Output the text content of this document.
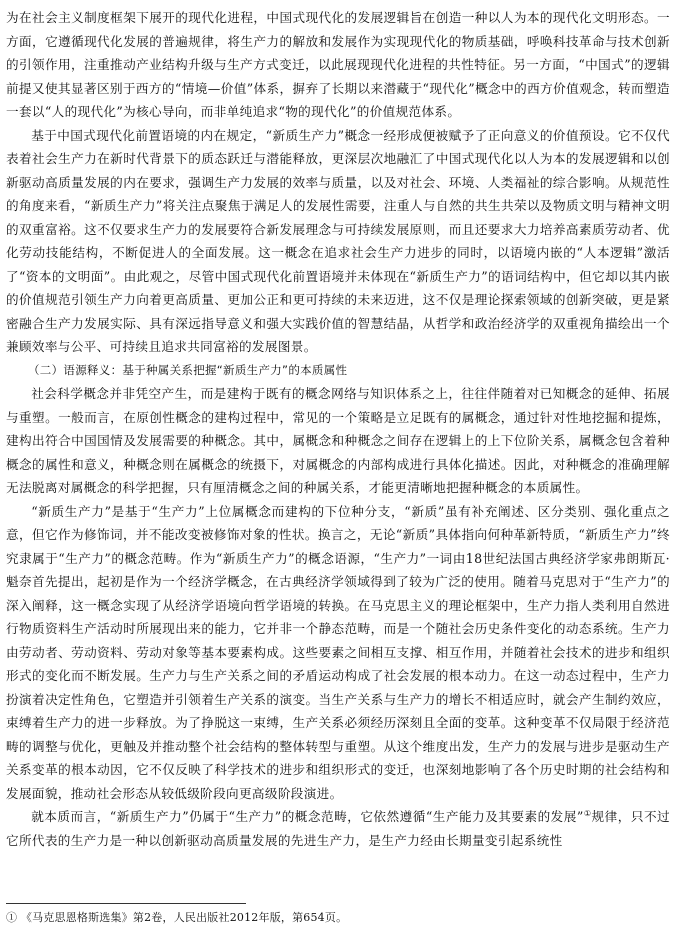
为在社会主义制度框架下展开的现代化进程，中国式现代化的发展逻辑旨在创造一种以人为本的现代化文明形态。一方面，它遵循现代化发展的普遍规律，将生产力的解放和发展作为实现现代化的物质基础，呼唤科技革命与技术创新的引领作用，注重推动产业结构升级与生产方式变迁，以此展现现代化进程的共性特征。另一方面，“中国式”的逻辑前提又使其显著区别于西方的“情境—价值”体系，摒弃了长期以来潜藏于“现代化”概念中的西方价值观念，转而塑造一套以“人的现代化”为核心导向，而非单纯追求“物的现代化”的价值规范体系。

基于中国式现代化前置语境的内在规定，“新质生产力”概念一经形成便被赋予了正向意义的价值预设。它不仅代表着社会生产力在新时代背景下的质态跃迁与潜能释放，更深层次地融汇了中国式现代化以人为本的发展逻辑和以创新驱动高质量发展的内在要求，强调生产力发展的效率与质量，以及对社会、环境、人类福祉的综合影响。从规范性的角度来看，“新质生产力”将关注点聚焦于满足人的发展性需要，注重人与自然的共生共荣以及物质文明与精神文明的双重富裕。这不仅要求生产力的发展要符合新发展理念与可持续发展原则，而且还要求大力培养高素质劳动者、优化劳动技能结构，不断促进人的全面发展。这一概念在追求社会生产力进步的同时，以语境内嵌的“人本逻辑”激活了“资本的文明面”。由此观之，尽管中国式现代化前置语境并未体现在“新质生产力”的语词结构中，但它却以其内嵌的价值规范引领生产力向着更高质量、更加公正和更可持续的未来迈进，这不仅是理论探索领域的创新突破，更是紧密融合生产力发展实际、具有深远指导意义和强大实践价值的智慧结晶，从哲学和政治经济学的双重视角描绘出一个兼顾效率与公平、可持续且追求共同富裕的发展图景。

（二）语源释义：基于种属关系把握“新质生产力”的本质属性

社会科学概念并非凭空产生，而是建构于既有的概念网络与知识体系之上，往往伴随着对已知概念的延伸、拓展与重塑。一般而言，在原创性概念的建构过程中，常见的一个策略是立足既有的属概念，通过针对性地挖掘和提炼，建构出符合中国国情及发展需要的种概念。其中，属概念和种概念之间存在逻辑上的上下位阶关系，属概念包含着种概念的属性和意义，种概念则在属概念的统摄下，对属概念的内部构成进行具体化描述。因此，对种概念的准确理解无法脱离对属概念的科学把握，只有厘清概念之间的种属关系，才能更清晰地把握种概念的本质属性。

“新质生产力”是基于“生产力”上位属概念而建构的下位种分支，“新质”虽有补充阐述、区分类别、强化重点之意，但它作为修饰词，并不能改变被修饰对象的性状。换言之，无论“新质”具体指向何种革新特质，“新质生产力”终究隶属于“生产力”的概念范畴。作为“新质生产力”的概念语源，“生产力”一词由18世纪法国古典经济学家弗朗斯瓦·魁奈首先提出，起初是作为一个经济学概念，在古典经济学领域得到了较为广泛的使用。随着马克思对于“生产力”的深入阐释，这一概念实现了从经济学语境向哲学语境的转换。在马克思主义的理论框架中，生产力指人类利用自然进行物质资料生产活动时所展现出来的能力，它并非一个静态范畴，而是一个随社会历史条件变化的动态系统。生产力由劳动者、劳动资料、劳动对象等基本要素构成。这些要素之间相互支撑、相互作用，并随着社会技术的进步和组织形式的变化而不断发展。生产力与生产关系之间的矛盾运动构成了社会发展的根本动力。在这一动态过程中，生产力扮演着决定性角色，它塑造并引领着生产关系的演变。当生产关系与生产力的增长不相适应时，就会产生制约效应，束缚着生产力的进一步释放。为了挣脱这一束缚，生产关系必须经历深刻且全面的变革。这种变革不仅局限于经济范畴的调整与优化，更触及并推动整个社会结构的整体转型与重塑。从这个维度出发，生产力的发展与进步是驱动生产关系变革的根本动因，它不仅反映了科学技术的进步和组织形式的变迁，也深刻地影响了各个历史时期的社会结构和发展面貌，推动社会形态从较低级阶段向更高级阶段演进。

就本质而言，“新质生产力”仍属于“生产力”的概念范畴，它依然遵循“生产能力及其要素的发展”①规律，只不过它所代表的生产力是一种以创新驱动高质量发展的先进生产力，是生产力经由长期量变引起系统性

① 《马克思恩格斯选集》第2卷，人民出版社2012年版，第654页。
